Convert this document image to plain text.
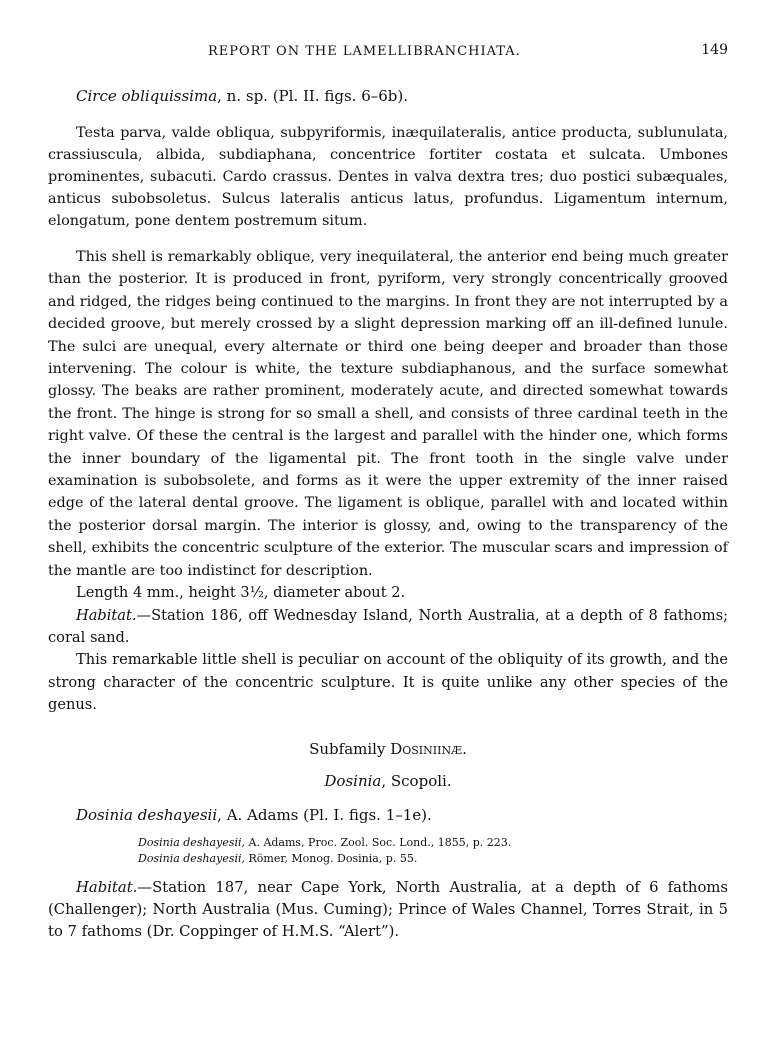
REPORT ON THE LAMELLIBRANCHIATA.	149
Circe obliquissima, n. sp. (Pl. II. figs. 6–6b).

Testa parva, valde obliqua, subpyriformis, inæquilateralis, antice producta, sublunulata, crassiuscula, albida, subdiaphana, concentrice fortiter costata et sulcata. Umbones prominentes, subacuti. Cardo crassus. Dentes in valva dextra tres; duo postici subæquales, anticus subobsoletus. Sulcus lateralis anticus latus, profundus. Ligamentum internum, elongatum, pone dentem postremum situm.

This shell is remarkably oblique, very inequilateral, the anterior end being much greater than the posterior. It is produced in front, pyriform, very strongly concentrically grooved and ridged, the ridges being continued to the margins. In front they are not interrupted by a decided groove, but merely crossed by a slight depression marking off an ill-defined lunule. The sulci are unequal, every alternate or third one being deeper and broader than those intervening. The colour is white, the texture subdiaphanous, and the surface somewhat glossy. The beaks are rather prominent, moderately acute, and directed somewhat towards the front. The hinge is strong for so small a shell, and consists of three cardinal teeth in the right valve. Of these the central is the largest and parallel with the hinder one, which forms the inner boundary of the ligamental pit. The front tooth in the single valve under examination is subobsolete, and forms as it were the upper extremity of the inner raised edge of the lateral dental groove. The ligament is oblique, parallel with and located within the posterior dorsal margin. The interior is glossy, and, owing to the transparency of the shell, exhibits the concentric sculpture of the exterior. The muscular scars and impression of the mantle are too indistinct for description.

Length 4 mm., height 3½, diameter about 2.

Habitat.—Station 186, off Wednesday Island, North Australia, at a depth of 8 fathoms; coral sand.

This remarkable little shell is peculiar on account of the obliquity of its growth, and the strong character of the concentric sculpture. It is quite unlike any other species of the genus.

Subfamily Dosiniinæ.
Dosinia, Scopoli.
Dosinia deshayesii, A. Adams (Pl. I. figs. 1–1e).
Dosinia deshayesii, A. Adams, Proc. Zool. Soc. Lond., 1855, p. 223.
Dosinia deshayesii, Römer, Monog. Dosinia, p. 55.

Habitat.—Station 187, near Cape York, North Australia, at a depth of 6 fathoms (Challenger); North Australia (Mus. Cuming); Prince of Wales Channel, Torres Strait, in 5 to 7 fathoms (Dr. Coppinger of H.M.S. “Alert”).
